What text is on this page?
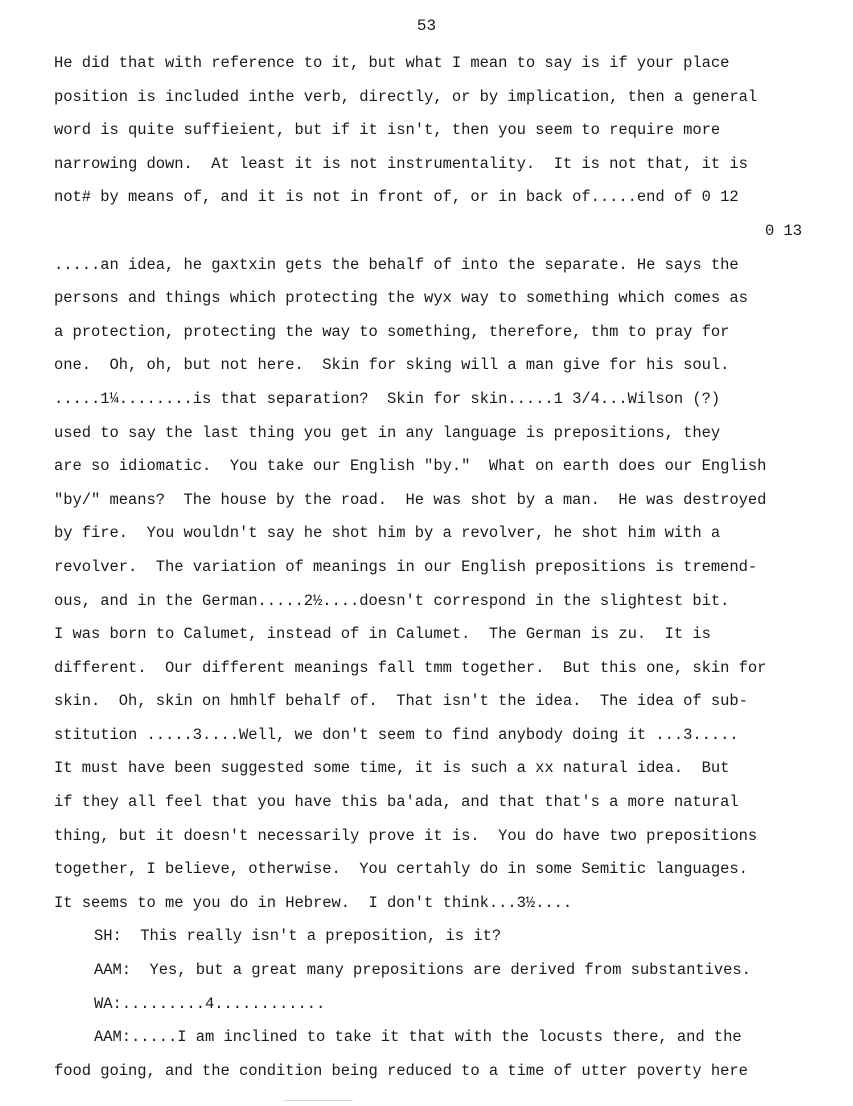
53
He did that with reference to it, but what I mean to say is if your place
position is included inthe verb, directly, or by implication, then a general
word is quite suffieient, but if it isn't, then you seem to require more
narrowing down.  At least it is not instrumentality.  It is not that, it is
not# by means of, and it is not in front of, or in back of.....end of 0 12
0 13
.....an idea, he gaxtxin gets the behalf of into the separate. He says the
persons and things which protecting the wyx way to something which comes as
a protection, protecting the way to something, therefore, thm to pray for
one.  Oh, oh, but not here.  Skin for sking will a man give for his soul.
.....1¼........is that separation?  Skin for skin.....1 3/4...Wilson (?)
used to say the last thing you get in any language is prepositions, they
are so idiomatic.  You take our English "by."  What on earth does our English
"by/" means?  The house by the road.  He was shot by a man.  He was destroyed
by fire.  You wouldn't say he shot him by a revolver, he shot him with a
revolver.  The variation of meanings in our English prepositions is tremend-
ous, and in the German.....2½....doesn't correspond in the slightest bit.
I was born to Calumet, instead of in Calumet.  The German is zu.  It is
different.  Our different meanings fall tmm together.  But this one, skin for
skin.  Oh, skin on hmhlf behalf of.  That isn't the idea.  The idea of sub-
stitution .....3....Well, we don't seem to find anybody doing it ...3.....
It must have been suggested some time, it is such a xx natural idea.  But
if they all feel that you have this ba'ada, and that that's a more natural
thing, but it doesn't necessarily prove it is.  You do have two prepositions
together, I believe, otherwise.  You certahly do in some Semitic languages.
It seems to me you do in Hebrew.  I don't think...3½....
SH:  This really isn't a preposition, is it?
AAM:  Yes, but a great many prepositions are derived from substantives.
WA:.........4............
AAM:.....I am inclined to take it that with the locusts there, and the
food going, and the condition being reduced to a time of utter poverty here
